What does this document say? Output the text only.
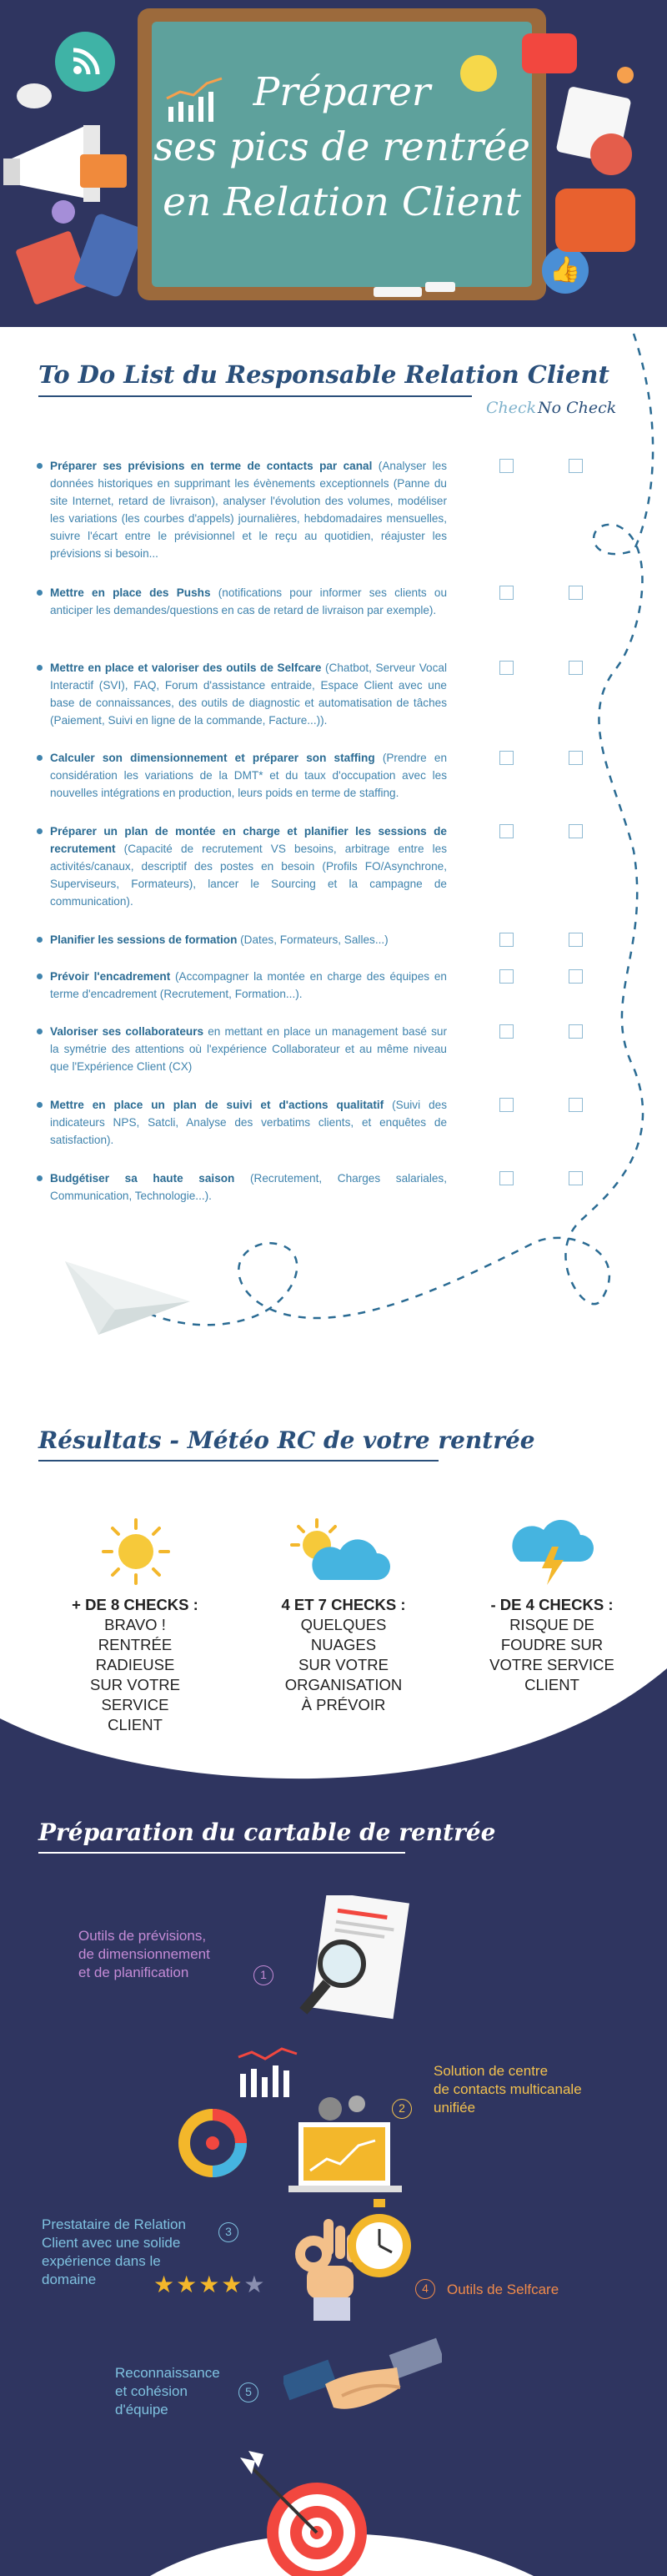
Préparer
ses pics de rentrée
en Relation Client
👍
To Do List du Responsable Relation Client
Check No Check
Préparer ses prévisions en terme de contacts par canal (Analyser les données historiques en supprimant les évènements exceptionnels (Panne du site Internet, retard de livraison), analyser l'évolution des volumes, modéliser les variations (les courbes d'appels) journalières, hebdomadaires mensuelles, suivre l'écart entre le prévisionnel et le reçu au quotidien, réajuster les prévisions si besoin...
Mettre en place des Pushs (notifications pour informer ses clients ou anticiper les demandes/questions en cas de retard de livraison par exemple).
Mettre en place et valoriser des outils de Selfcare (Chatbot, Serveur Vocal Interactif (SVI), FAQ, Forum d'assistance entraide, Espace Client avec une base de connaissances, des outils de diagnostic et automatisation de tâches (Paiement, Suivi en ligne de la commande, Facture...)).
Calculer son dimensionnement et préparer son staffing (Prendre en considération les variations de la DMT* et du taux d'occupation avec les nouvelles intégrations en production, leurs poids en terme de staffing.
Préparer un plan de montée en charge et planifier les sessions de recrutement (Capacité de recrutement VS besoins, arbitrage entre les activités/canaux, descriptif des postes en besoin (Profils FO/Asynchrone, Superviseurs, Formateurs), lancer le Sourcing et la campagne de communication).
Planifier les sessions de formation (Dates, Formateurs, Salles...)
Prévoir l'encadrement (Accompagner la montée en charge des équipes en terme d'encadrement (Recrutement, Formation...).
Valoriser ses collaborateurs en mettant en place un management basé sur la symétrie des attentions où l'expérience Collaborateur et au même niveau que l'Expérience Client (CX)
Mettre en place un plan de suivi et d'actions qualitatif (Suivi des indicateurs NPS, Satcli, Analyse des verbatims clients, et enquêtes de satisfaction).
Budgétiser sa haute saison (Recrutement, Charges salariales, Communication, Technologie...).
Résultats - Météo RC de votre rentrée
+ DE 8 CHECKS :
BRAVO !
RENTRÉE RADIEUSE
SUR VOTRE SERVICE
CLIENT
4 ET 7 CHECKS :
QUELQUES
NUAGES
SUR VOTRE
ORGANISATION
À PRÉVOIR
- DE 4 CHECKS :
RISQUE DE
FOUDRE SUR
VOTRE SERVICE
CLIENT
Préparation du cartable de rentrée
Outils de prévisions,
de dimensionnement
et de planification	1
2
Solution de centre
de contacts multicanale
unifiée
Prestataire de Relation
Client avec une solide
expérience dans le
domaine
3
★★★★★	4	Outils de Selfcare
Reconnaissance
et cohésion
d'équipe
5
